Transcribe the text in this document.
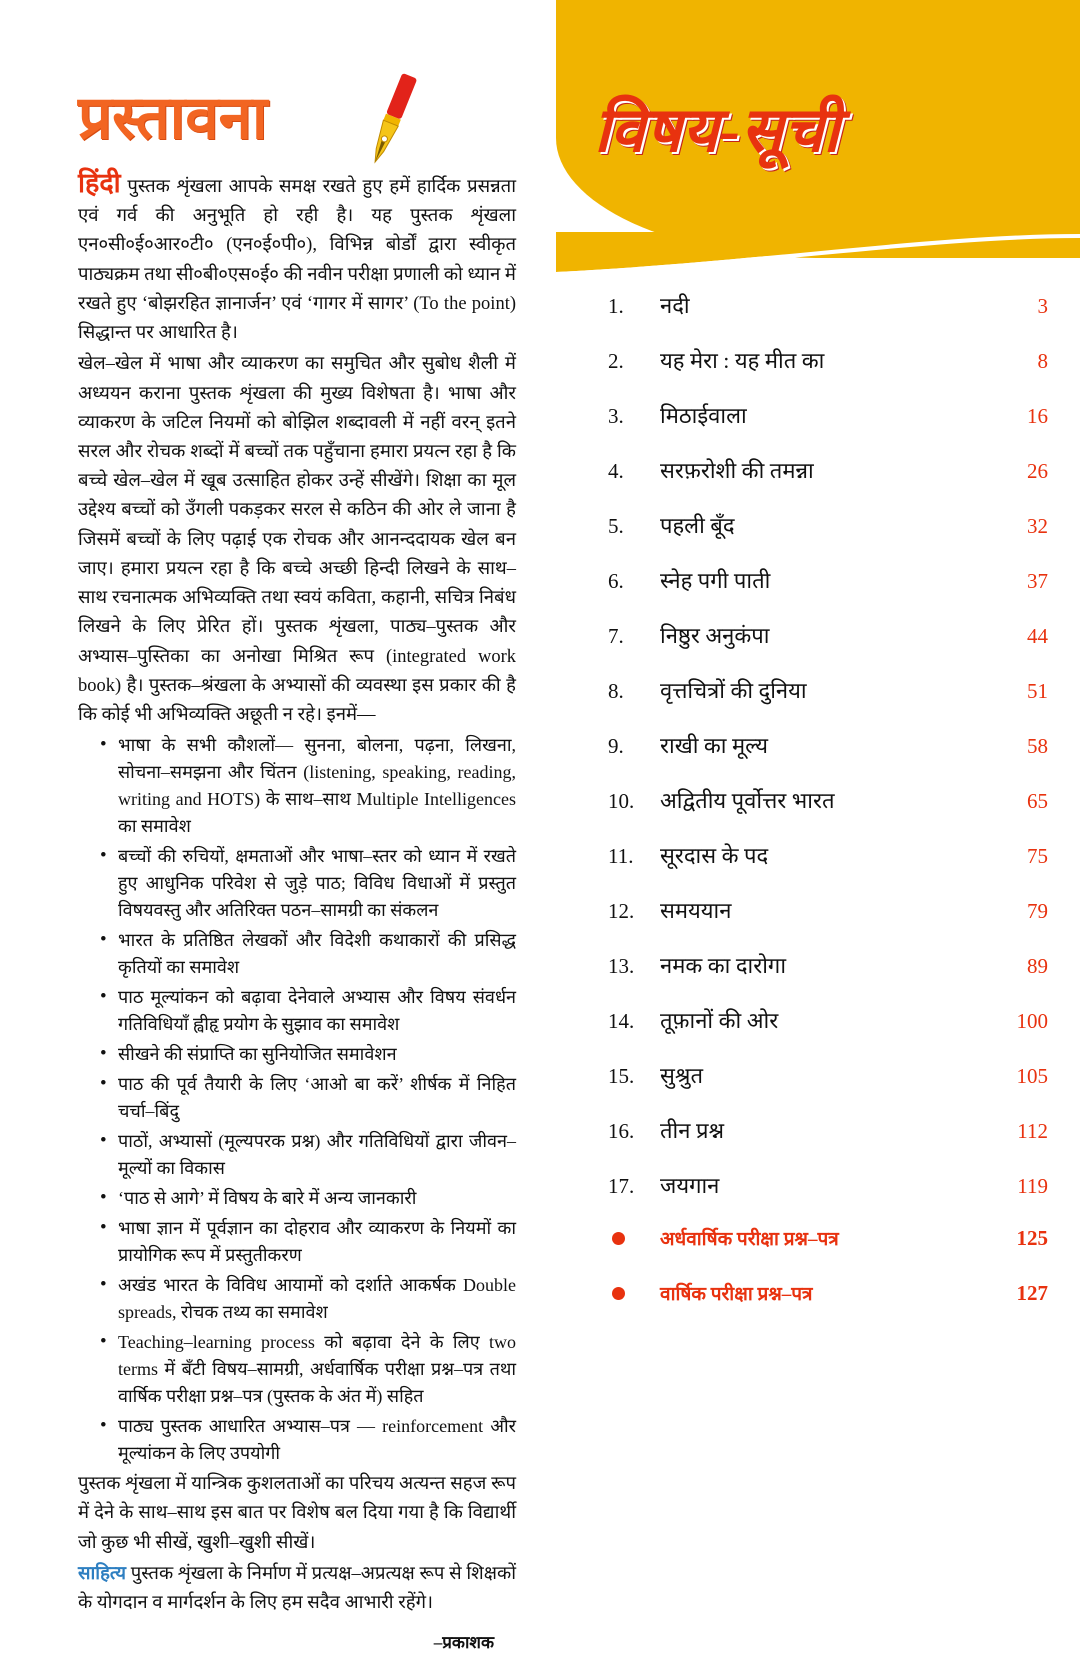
प्रस्तावना

हिंदी पुस्तक शृंखला आपके समक्ष रखते हुए हमें हार्दिक प्रसन्नता एवं गर्व की अनुभूति हो रही है। यह पुस्तक शृंखला एन०सी०ई०आर०टी० (एन०ई०पी०), विभिन्न बोर्डों द्वारा स्वीकृत पाठ्यक्रम तथा सी०बी०एस०ई० की नवीन परीक्षा प्रणाली को ध्यान में रखते हुए ‘बोझरहित ज्ञानार्जन’ एवं ‘गागर में सागर’ (To the point) सिद्धान्त पर आधारित है।

खेल–खेल में भाषा और व्याकरण का समुचित और सुबोध शैली में अध्ययन कराना पुस्तक शृंखला की मुख्य विशेषता है। भाषा और व्याकरण के जटिल नियमों को बोझिल शब्दावली में नहीं वरन् इतने सरल और रोचक शब्दों में बच्चों तक पहुँचाना हमारा प्रयत्न रहा है कि बच्चे खेल–खेल में खूब उत्साहित होकर उन्हें सीखेंगे। शिक्षा का मूल उद्देश्य बच्चों को उँगली पकड़कर सरल से कठिन की ओर ले जाना है जिसमें बच्चों के लिए पढ़ाई एक रोचक और आनन्ददायक खेल बन जाए। हमारा प्रयत्न रहा है कि बच्चे अच्छी हिन्दी लिखने के साथ–साथ रचनात्मक अभिव्यक्ति तथा स्वयं कविता, कहानी, सचित्र निबंध लिखने के लिए प्रेरित हों। पुस्तक शृंखला, पाठ्य–पुस्तक और अभ्यास–पुस्तिका का अनोखा मिश्रित रूप (integrated work book) है। पुस्तक–श्रंखला के अभ्यासों की व्यवस्था इस प्रकार की है कि कोई भी अभिव्यक्ति अछूती न रहे। इनमें—

• भाषा के सभी कौशलों— सुनना, बोलना, पढ़ना, लिखना, सोचना–समझना और चिंतन (listening, speaking, reading, writing and HOTS) के साथ–साथ Multiple Intelligences का समावेश
• बच्चों की रुचियों, क्षमताओं और भाषा–स्तर को ध्यान में रखते हुए आधुनिक परिवेश से जुड़े पाठ; विविध विधाओं में प्रस्तुत विषयवस्तु और अतिरिक्त पठन–सामग्री का संकलन
• भारत के प्रतिष्ठित लेखकों और विदेशी कथाकारों की प्रसिद्ध कृतियों का समावेश
• पाठ मूल्यांकन को बढ़ावा देनेवाले अभ्यास और विषय संवर्धन गतिविधियाँ ह्वीहृ प्रयोग के सुझाव का समावेश
• सीखने की संप्राप्ति का सुनियोजित समावेशन
• पाठ की पूर्व तैयारी के लिए ‘आओ बा करें’ शीर्षक में निहित चर्चा–बिंदु
• पाठों, अभ्यासों (मूल्यपरक प्रश्न) और गतिविधियों द्वारा जीवन–मूल्यों का विकास
• ‘पाठ से आगे’ में विषय के बारे में अन्य जानकारी
• भाषा ज्ञान में पूर्वज्ञान का दोहराव और व्याकरण के नियमों का प्रायोगिक रूप में प्रस्तुतीकरण
• अखंड भारत के विविध आयामों को दर्शाते आकर्षक Double spreads, रोचक तथ्य का समावेश
• Teaching–learning process को बढ़ावा देने के लिए two terms में बँटी विषय–सामग्री, अर्धवार्षिक परीक्षा प्रश्न–पत्र तथा वार्षिक परीक्षा प्रश्न–पत्र (पुस्तक के अंत में) सहित
• पाठ्य पुस्तक आधारित अभ्यास–पत्र — reinforcement और मूल्यांकन के लिए उपयोगी

पुस्तक शृंखला में यान्त्रिक कुशलताओं का परिचय अत्यन्त सहज रूप में देने के साथ–साथ इस बात पर विशेष बल दिया गया है कि विद्यार्थी जो कुछ भी सीखें, खुशी–खुशी सीखें।

साहित्य पुस्तक शृंखला के निर्माण में प्रत्यक्ष–अप्रत्यक्ष रूप से शिक्षकों के योगदान व मार्गदर्शन के लिए हम सदैव आभारी रहेंगे।

–प्रकाशक
विषय-सूची
1.	नदी	3
2.	यह मेरा : यह मीत का	8
3.	मिठाईवाला	16
4.	सरफ़रोशी की तमन्ना	26
5.	पहली बूँद	32
6.	स्नेह पगी पाती	37
7.	निष्ठुर अनुकंपा	44
8.	वृत्तचित्रों की दुनिया	51
9.	राखी का मूल्य	58
10.	अद्वितीय पूर्वोत्तर भारत	65
11.	सूरदास के पद	75
12.	समययान	79
13.	नमक का दारोगा	89
14.	तूफ़ानों की ओर	100
15.	सुश्रुत	105
16.	तीन प्रश्न	112
17.	जयगान	119
अर्धवार्षिक परीक्षा प्रश्न–पत्र	125
वार्षिक परीक्षा प्रश्न–पत्र	127
